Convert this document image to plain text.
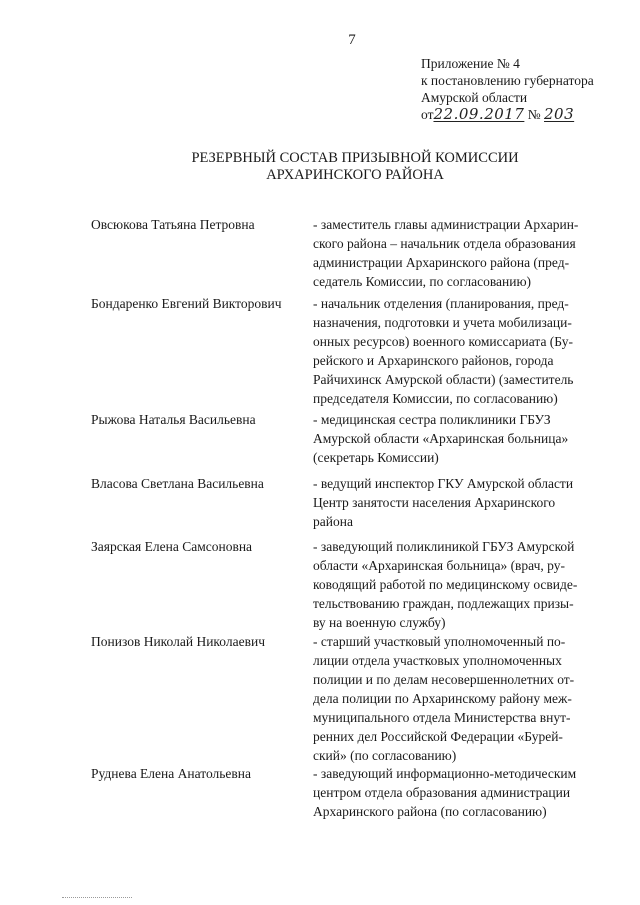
7
Приложение № 4
к постановлению губернатора
Амурской области
от22.09.2017 № 203
РЕЗЕРВНЫЙ СОСТАВ ПРИЗЫВНОЙ КОМИССИИ
АРХАРИНСКОГО РАЙОНА
Овсюкова Татьяна Петровна	- заместитель главы администрации Архарин-
ского района – начальник отдела образования
администрации Архаринского района (пред-
седатель Комиссии, по согласованию)
Бондаренко Евгений Викторович - начальник отделения (планирования, пред-
назначения, подготовки и учета мобилизаци-
онных ресурсов) военного комиссариата (Бу-
рейского и Архаринского районов, города
Райчихинск Амурской области) (заместитель
председателя Комиссии, по согласованию)
Рыжова Наталья Васильевна	- медицинская сестра поликлиники ГБУЗ
Амурской области «Архаринская больница»
(секретарь Комиссии)
Власова Светлана Васильевна	- ведущий инспектор ГКУ Амурской области
Центр занятости населения Архаринского
района
Заярская Елена Самсоновна	- заведующий поликлиникой ГБУЗ Амурской
области «Архаринская больница» (врач, ру-
ководящий работой по медицинскому освиде-
тельствованию граждан, подлежащих призы-
ву на военную службу)
Понизов Николай Николаевич	- старший участковый уполномоченный по-
лиции отдела участковых уполномоченных
полиции и по делам несовершеннолетних от-
дела полиции по Архаринскому району меж-
муниципального отдела Министерства внут-
ренних дел Российской Федерации «Бурей-
ский» (по согласованию)
Руднева Елена Анатольевна	- заведующий информационно-методическим
центром отдела образования администрации
Архаринского района (по согласованию)
